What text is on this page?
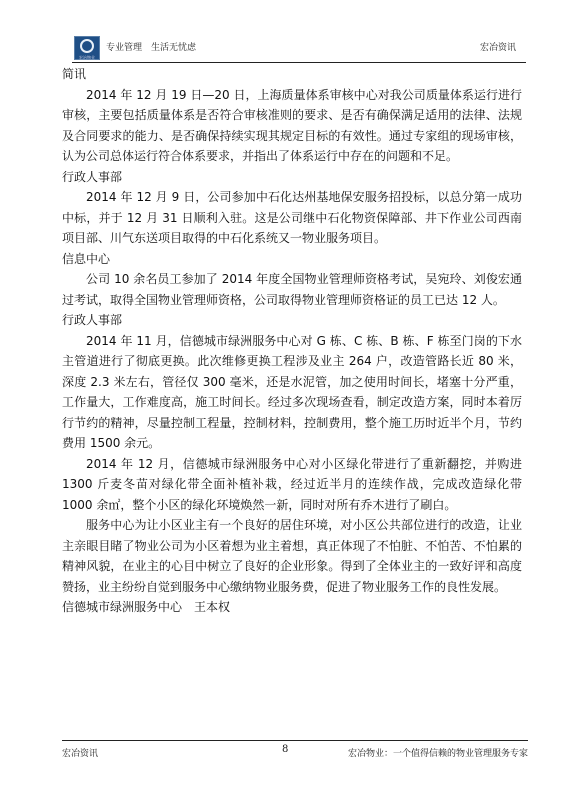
宏冶物业
专业管理　生活无忧虑	宏冶资讯

简讯

2014 年 12 月 19 日—20 日，上海质量体系审核中心对我公司质量体系运行进行审核，主要包括质量体系是否符合审核准则的要求、是否有确保满足适用的法律、法规及合同要求的能力、是否确保持续实现其规定目标的有效性。通过专家组的现场审核，认为公司总体运行符合体系要求，并指出了体系运行中存在的问题和不足。

行政人事部

2014 年 12 月 9 日，公司参加中石化达州基地保安服务招投标，以总分第一成功中标，并于 12 月 31 日顺利入驻。这是公司继中石化物资保障部、井下作业公司西南项目部、川气东送项目取得的中石化系统又一物业服务项目。

信息中心

公司 10 余名员工参加了 2014 年度全国物业管理师资格考试，吴宛玲、刘俊宏通过考试，取得全国物业管理师资格，公司取得物业管理师资格证的员工已达 12 人。

行政人事部

2014 年 11 月，信德城市绿洲服务中心对 G 栋、C 栋、B 栋、F 栋至门岗的下水主管道进行了彻底更换。此次维修更换工程涉及业主 264 户，改造管路长近 80 米，深度 2.3 米左右，管径仅 300 毫米，还是水泥管，加之使用时间长，堵塞十分严重，工作量大，工作难度高，施工时间长。经过多次现场查看，制定改造方案，同时本着厉行节约的精神，尽量控制工程量，控制材料，控制费用，整个施工历时近半个月，节约费用 1500 余元。

2014 年 12 月，信德城市绿洲服务中心对小区绿化带进行了重新翻挖，并购进 1300 斤麦冬苗对绿化带全面补植补栽，经过近半月的连续作战，完成改造绿化带 1000 余㎡，整个小区的绿化环境焕然一新，同时对所有乔木进行了刷白。

服务中心为让小区业主有一个良好的居住环境，对小区公共部位进行的改造，让业主亲眼目睹了物业公司为小区着想为业主着想，真正体现了不怕脏、不怕苦、不怕累的精神风貌，在业主的心目中树立了良好的企业形象。得到了全体业主的一致好评和高度赞扬，业主纷纷自觉到服务中心缴纳物业服务费，促进了物业服务工作的良性发展。

信德城市绿洲服务中心　王本权

宏冶资讯	8	宏冶物业：一个值得信赖的物业管理服务专家
